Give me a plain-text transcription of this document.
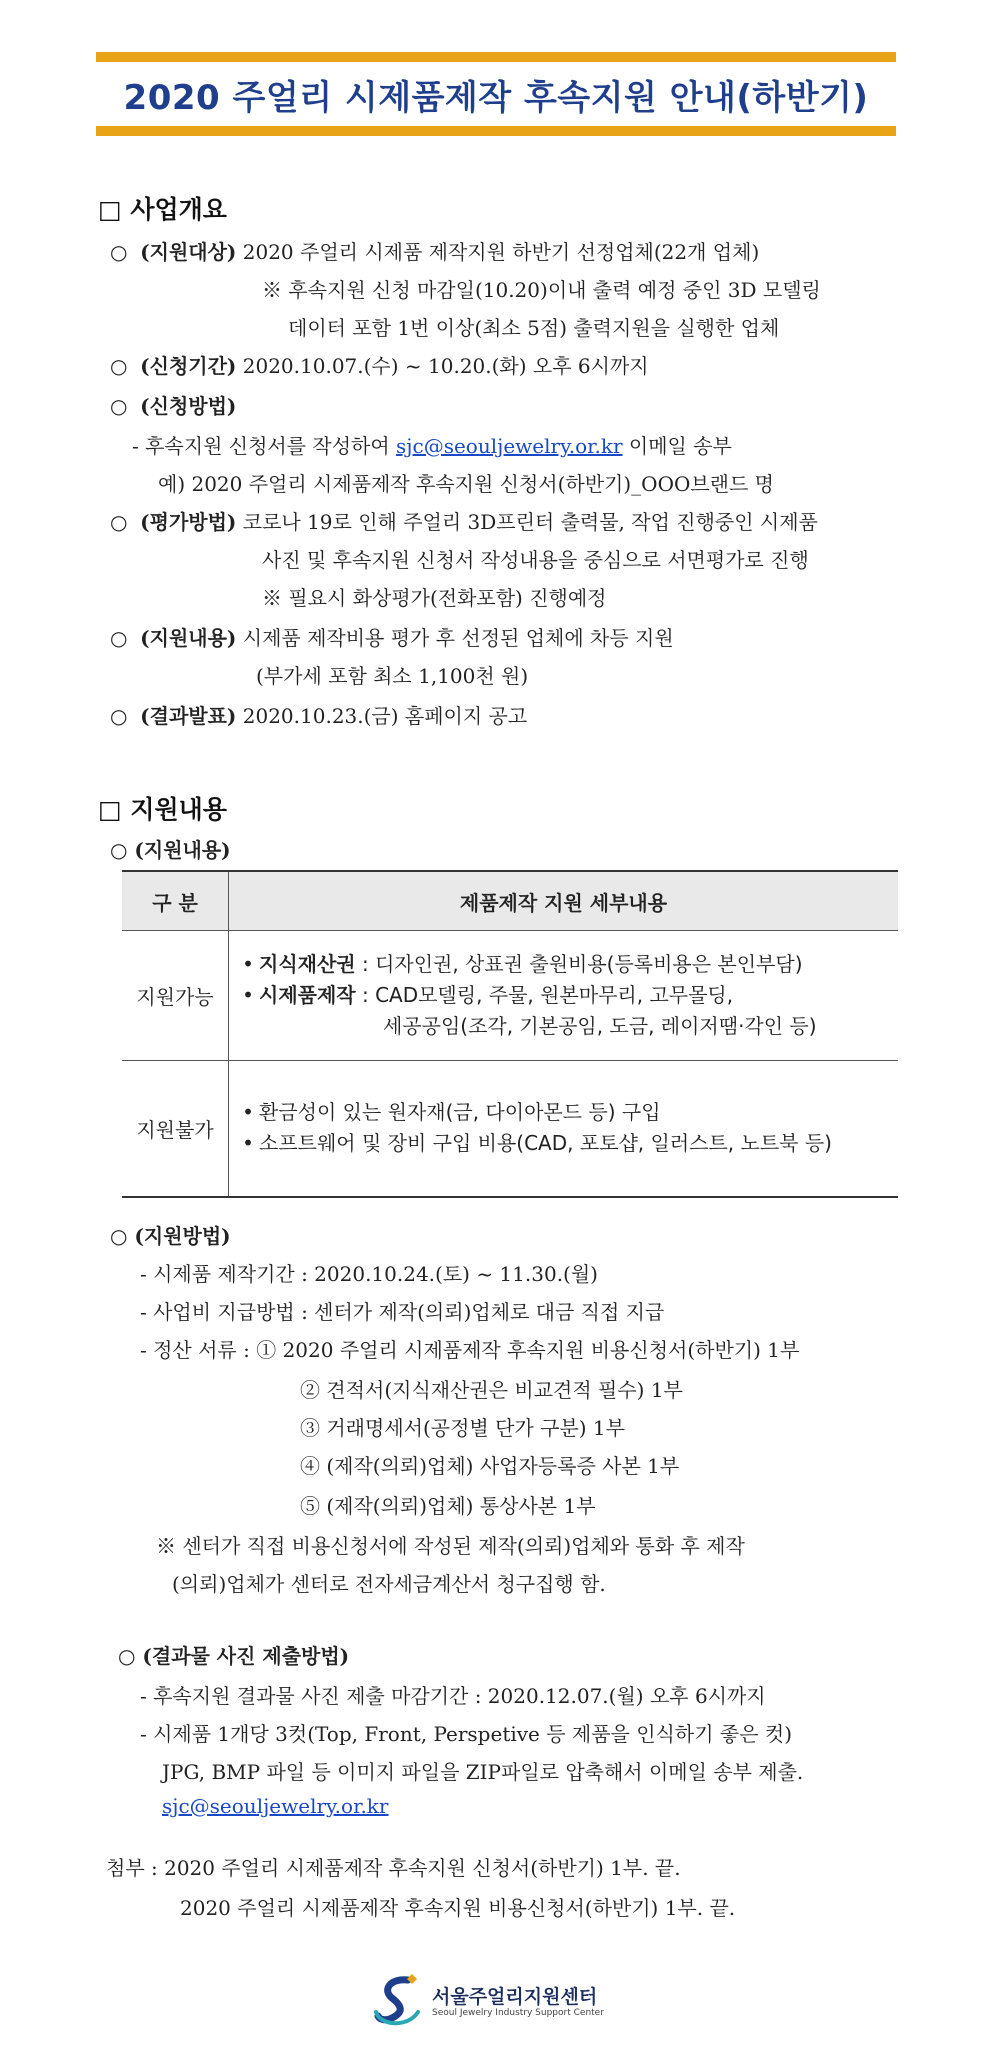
2020 주얼리 시제품제작 후속지원 안내(하반기)
□ 사업개요
○ (지원대상) 2020 주얼리 시제품 제작지원 하반기 선정업체(22개 업체)
※ 후속지원 신청 마감일(10.20)이내 출력 예정 중인 3D 모델링
데이터 포함 1번 이상(최소 5점) 출력지원을 실행한 업체
○ (신청기간) 2020.10.07.(수) ~ 10.20.(화) 오후 6시까지
○ (신청방법)
- 후속지원 신청서를 작성하여 sjc@seouljewelry.or.kr 이메일 송부
예) 2020 주얼리 시제품제작 후속지원 신청서(하반기)_OOO브랜드 명
○ (평가방법) 코로나 19로 인해 주얼리 3D프린터 출력물, 작업 진행중인 시제품
사진 및 후속지원 신청서 작성내용을 중심으로 서면평가로 진행
※ 필요시 화상평가(전화포함) 진행예정
○ (지원내용) 시제품 제작비용 평가 후 선정된 업체에 차등 지원
(부가세 포함 최소 1,100천 원)
○ (결과발표) 2020.10.23.(금) 홈페이지 공고
□ 지원내용
○ (지원내용)
구 분	제품제작 지원 세부내용
지원가능	• 지식재산권 : 디자인권, 상표권 출원비용(등록비용은 본인부담)
• 시제품제작 : CAD모델링, 주물, 원본마무리, 고무몰딩,
세공공임(조각, 기본공임, 도금, 레이저땜·각인 등)

지원불가	• 환금성이 있는 원자재(금, 다이아몬드 등) 구입
• 소프트웨어 및 장비 구입 비용(CAD, 포토샵, 일러스트, 노트북 등)
○ (지원방법)
- 시제품 제작기간 : 2020.10.24.(토) ~ 11.30.(월)
- 사업비 지급방법 : 센터가 제작(의뢰)업체로 대금 직접 지급
- 정산 서류 : ① 2020 주얼리 시제품제작 후속지원 비용신청서(하반기) 1부
② 견적서(지식재산권은 비교견적 필수) 1부
③ 거래명세서(공정별 단가 구분) 1부
④ (제작(의뢰)업체) 사업자등록증 사본 1부
⑤ (제작(의뢰)업체) 통상사본 1부
※ 센터가 직접 비용신청서에 작성된 제작(의뢰)업체와 통화 후 제작
(의뢰)업체가 센터로 전자세금계산서 청구집행 함.
○ (결과물 사진 제출방법)
- 후속지원 결과물 사진 제출 마감기간 : 2020.12.07.(월) 오후 6시까지
- 시제품 1개당 3컷(Top, Front, Perspetive 등 제품을 인식하기 좋은 컷)
JPG, BMP 파일 등 이미지 파일을 ZIP파일로 압축해서 이메일 송부 제출.
sjc@seouljewelry.or.kr
첨부 : 2020 주얼리 시제품제작 후속지원 신청서(하반기) 1부. 끝.
2020 주얼리 시제품제작 후속지원 비용신청서(하반기) 1부. 끝.
서울주얼리지원센터
Seoul Jewelry Industry Support Center
